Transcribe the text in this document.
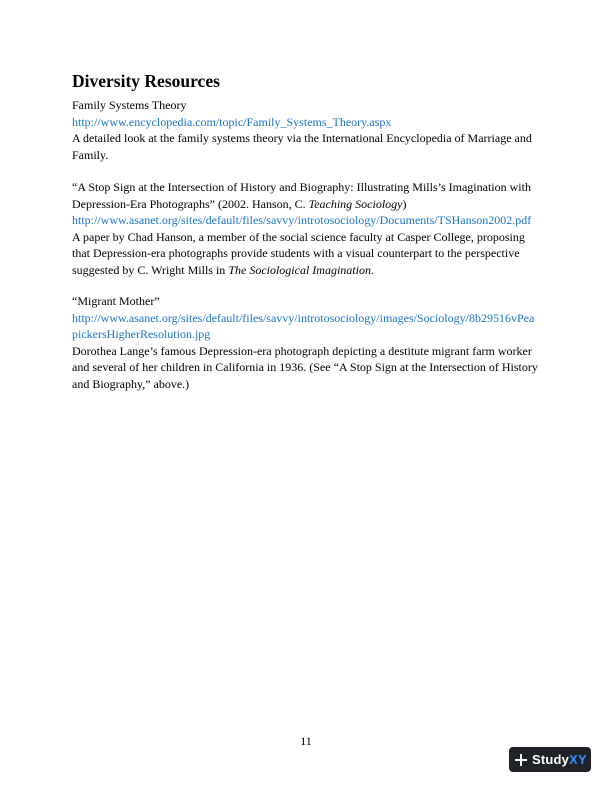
Diversity Resources
Family Systems Theory
http://www.encyclopedia.com/topic/Family_Systems_Theory.aspx
A detailed look at the family systems theory via the International Encyclopedia of Marriage and
Family.
“A Stop Sign at the Intersection of History and Biography: Illustrating Mills’s Imagination with
Depression-Era Photographs” (2002. Hanson, C. Teaching Sociology)
http://www.asanet.org/sites/default/files/savvy/introtosociology/Documents/TSHanson2002.pdf
A paper by Chad Hanson, a member of the social science faculty at Casper College, proposing
that Depression-era photographs provide students with a visual counterpart to the perspective
suggested by C. Wright Mills in The Sociological Imagination.
“Migrant Mother”
http://www.asanet.org/sites/default/files/savvy/introtosociology/images/Sociology/8b29516vPea
pickersHigherResolution.jpg
Dorothea Lange’s famous Depression-era photograph depicting a destitute migrant farm worker
and several of her children in California in 1936. (See “A Stop Sign at the Intersection of History
and Biography,” above.)
11
StudyXY
